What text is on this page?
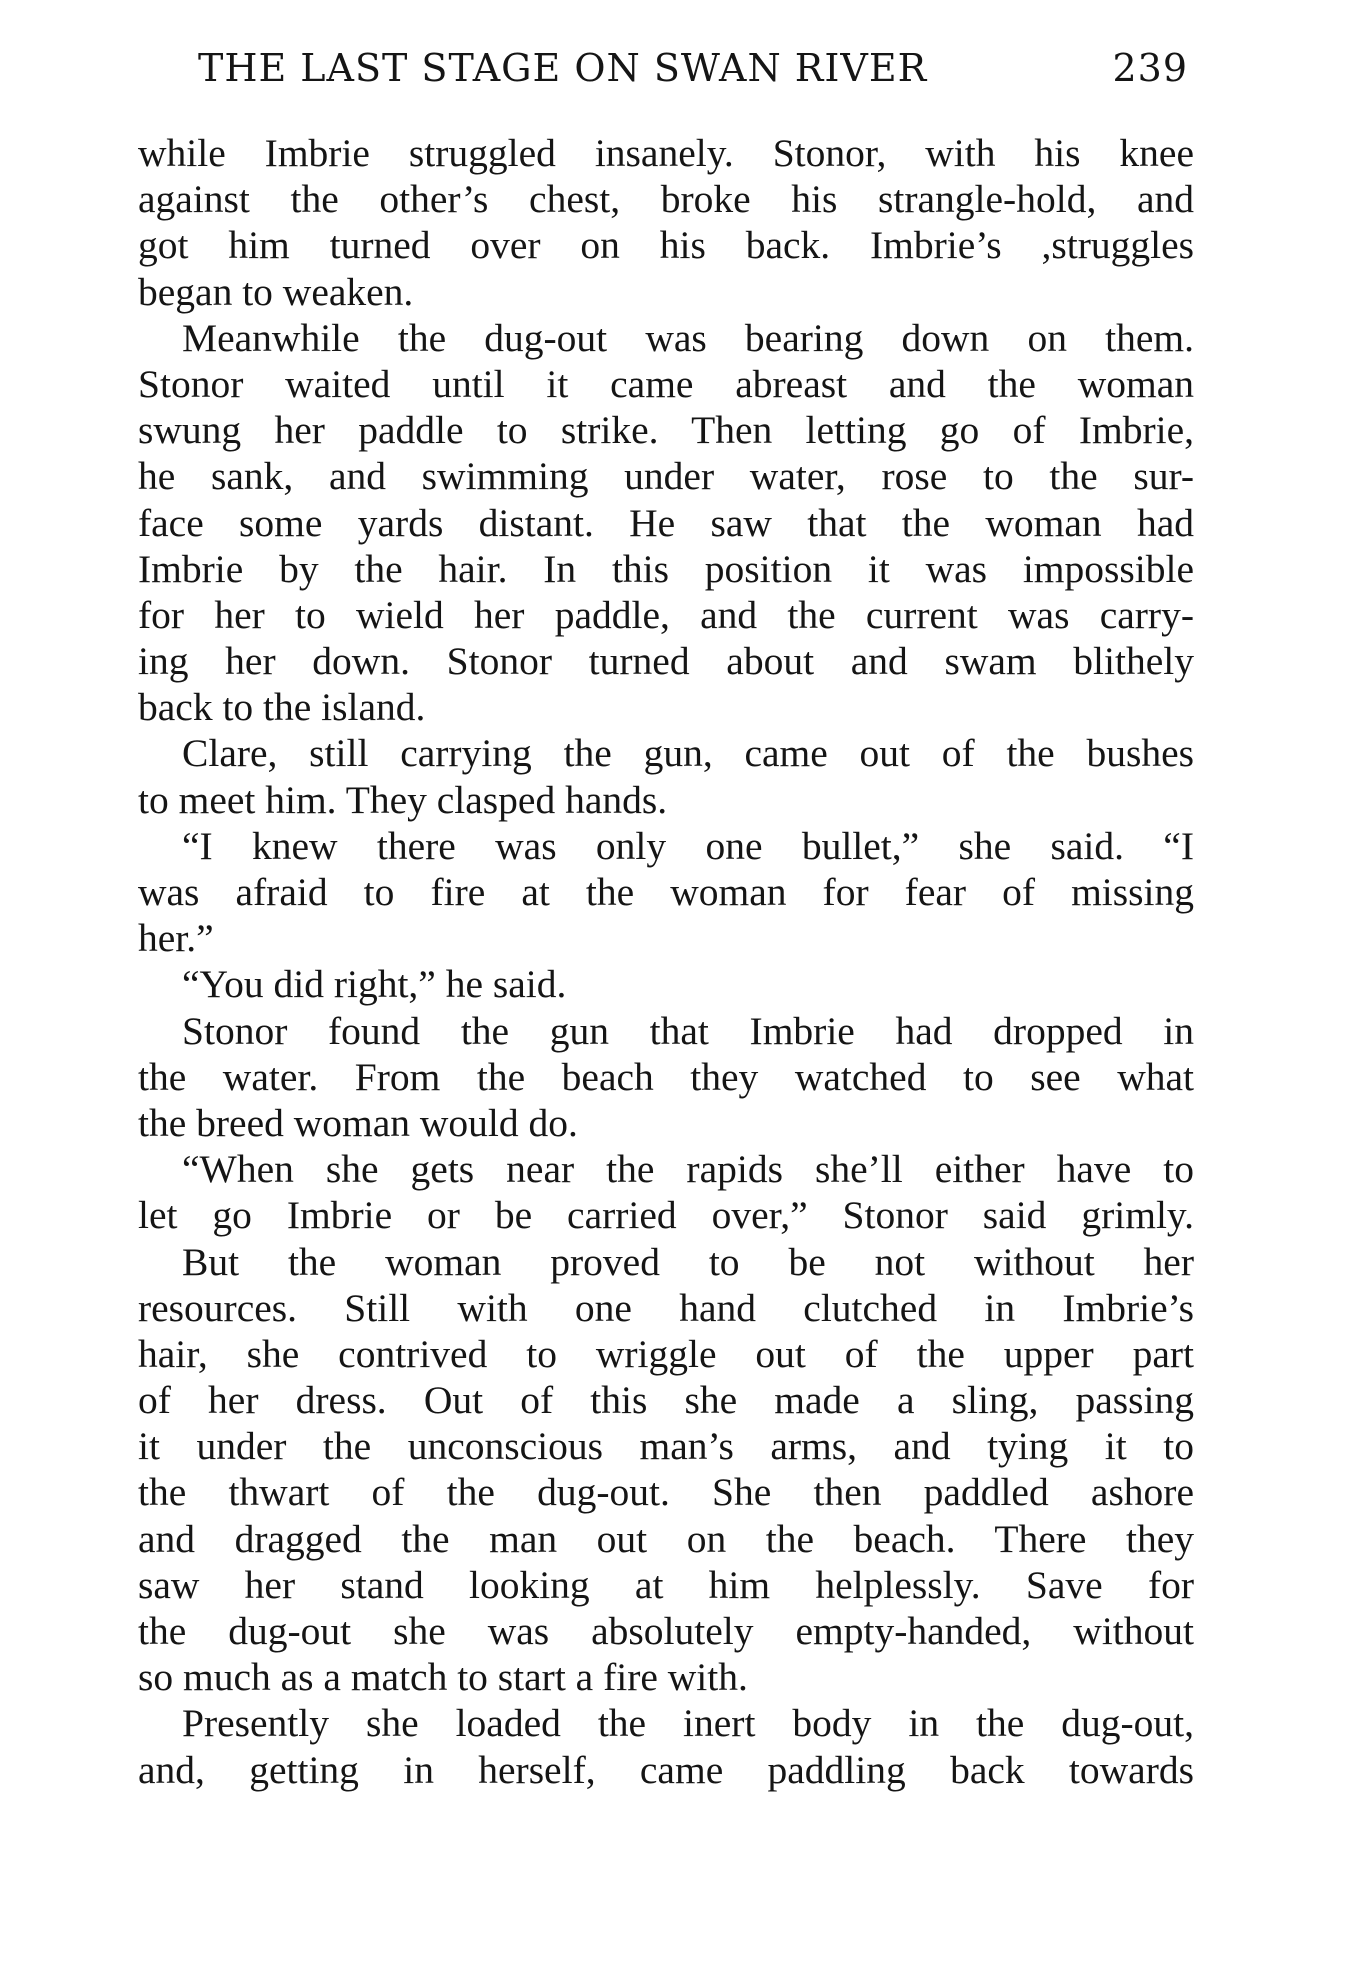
THE LAST STAGE ON SWAN RIVER	239
while Imbrie struggled insanely. Stonor, with his knee
against the other’s chest, broke his strangle-hold, and
got him turned over on his back. Imbrie’s ,struggles
began to weaken.
Meanwhile the dug-out was bearing down on them.
Stonor waited until it came abreast and the woman
swung her paddle to strike. Then letting go of Imbrie,
he sank, and swimming under water, rose to the sur-
face some yards distant. He saw that the woman had
Imbrie by the hair. In this position it was impossible
for her to wield her paddle, and the current was carry-
ing her down. Stonor turned about and swam blithely
back to the island.
Clare, still carrying the gun, came out of the bushes
to meet him. They clasped hands.
“I knew there was only one bullet,” she said. “I
was afraid to fire at the woman for fear of missing
her.”
“You did right,” he said.
Stonor found the gun that Imbrie had dropped in
the water. From the beach they watched to see what
the breed woman would do.
“When she gets near the rapids she’ll either have to
let go Imbrie or be carried over,” Stonor said grimly.
But the woman proved to be not without her
resources. Still with one hand clutched in Imbrie’s
hair, she contrived to wriggle out of the upper part
of her dress. Out of this she made a sling, passing
it under the unconscious man’s arms, and tying it to
the thwart of the dug-out. She then paddled ashore
and dragged the man out on the beach. There they
saw her stand looking at him helplessly. Save for
the dug-out she was absolutely empty-handed, without
so much as a match to start a fire with.
Presently she loaded the inert body in the dug-out,
and, getting in herself, came paddling back towards
